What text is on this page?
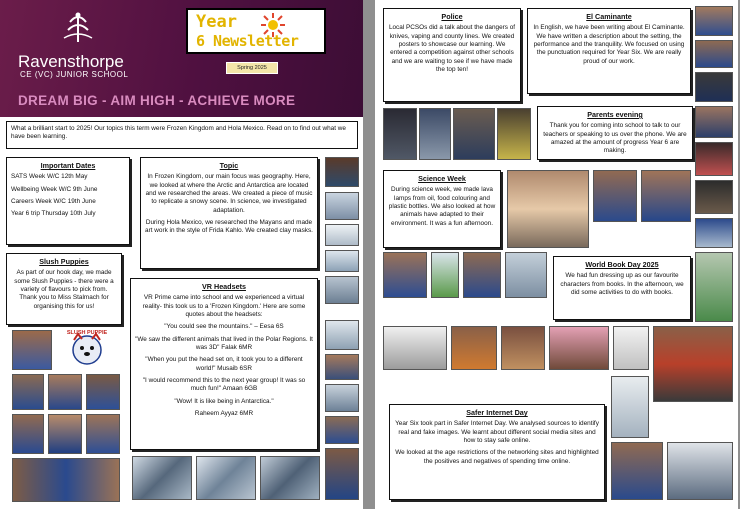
Ravensthorpe
CE (VC) JUNIOR SCHOOL
Year
6 Newsletter
Spring 2025
DREAM BIG - AIM HIGH - ACHIEVE MORE
What a brilliant start to 2025! Our topics this term were Frozen Kingdom and Hola Mexico. Read on to find out what we have been learning.
Important Dates
SATS Week W/C 12th May
Wellbeing Week W/C 9th June
Careers Week W/C 19th June
Year 6 trip Thursday 10th July
Topic

In Frozen Kingdom, our main focus was geography. Here, we looked at where the Arctic and Antarctica are located and we researched the areas. We created a piece of music to replicate a snowy scene. In science, we investigated adaptation.

During Hola Mexico, we researched the Mayans and made art work in the style of Frida Kahlo. We created clay masks.

Slush Puppies

As part of our hook day, we made some Slush Puppies - there were a variety of flavours to pick from. Thank you to Miss Stalmach for organising this for us!

SLUSH PUPPIE
VR Headsets

VR Prime came into school and we experienced a virtual reality- this took us to a 'Frozen Kingdom.' Here are some quotes about the headsets:

"You could see the mountains." – Eesa 6S

"We saw the different animals that lived in the Polar Regions. It was 3D" Falak 6MR

"When you put the head set on, it took you to a different world!" Musaib 6SR

"I would recommend this to the next year group! It was so much fun!" Amaan 6GB

"Wow! It is like being in Antarctica."

Raheem Ayyaz 6MR

Police

Local PCSOs did a talk about the dangers of knives, vaping and county lines. We created posters to showcase our learning. We entered a competition against other schools and we are waiting to see if we have made the top ten!

El Caminante

In English, we have been writing about El Caminante. We have written a description about the setting, the performance and the tranquility. We focused on using the punctuation required for Year Six. We are really proud of our work.

Parents evening

Thank you for coming into school to talk to our teachers or speaking to us over the phone. We are amazed at the amount of progress Year 6 are making.

Science Week

During science week, we made lava lamps from oil, food colouring and plastic bottles. We also looked at how animals have adapted to their environment. It was a fun afternoon.

World Book Day 2025

We had fun dressing up as our favourite characters from books. In the afternoon, we did some activities to do with books.

Safer Internet Day

Year Six took part in Safer Internet Day. We analysed sources to identify real and fake images. We learnt about different social media sites and how to stay safe online.

We looked at the age restrictions of the networking sites and highlighted the positives and negatives of spending time online.
